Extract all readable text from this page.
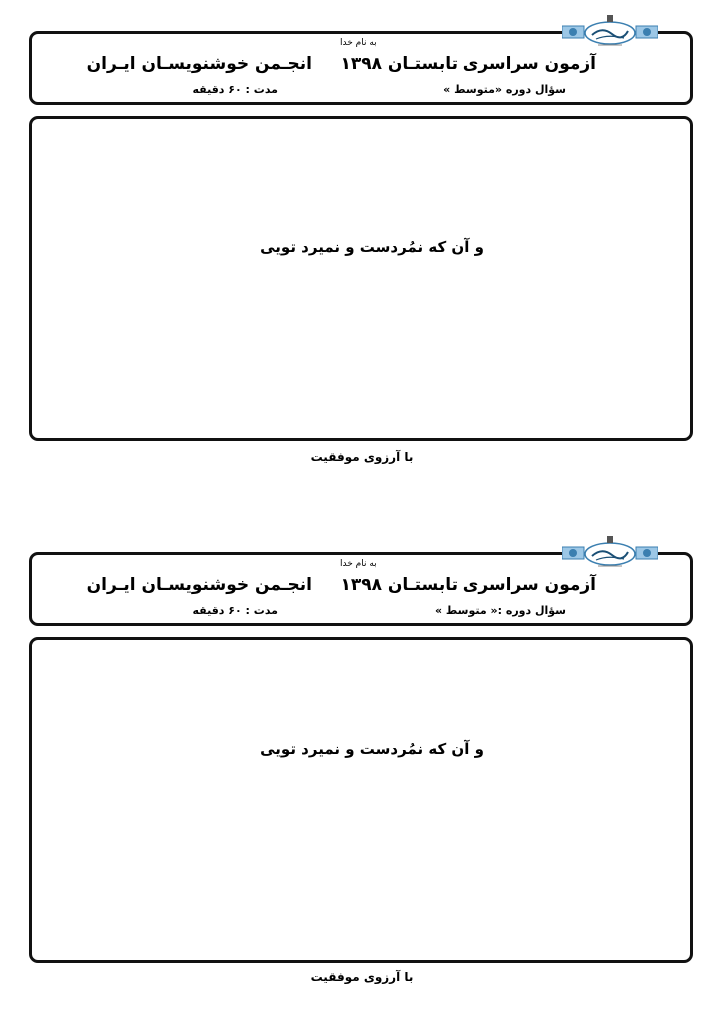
به نام خدا
آزمون سراسری
تابستـان ۱۳۹۸
انجـمن خوشنویسـان ایـران
سؤال دوره «متوسط »
مدت : ۶۰ دقیقه
و آن که نمُردست و نمیرد تویی
با آرزوی موفقیت
به نام خدا
آزمون سراسری
تابستـان ۱۳۹۸
انجـمن خوشنویسـان ایـران
سؤال دوره :« متوسط »
مدت : ۶۰ دقیقه
و آن که نمُردست و نمیرد تویی
با آرزوی موفقیت
